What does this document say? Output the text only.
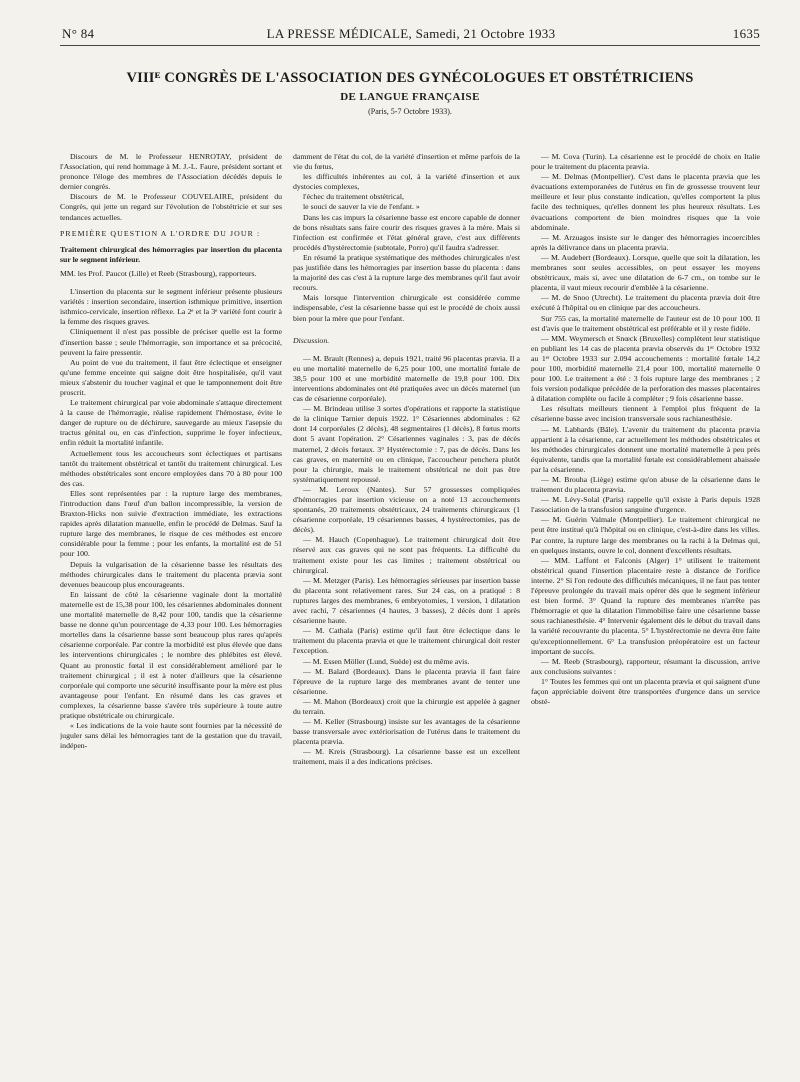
N° 84	LA PRESSE MÉDICALE, Samedi, 21 Octobre 1933	1635
VIIIᴱ CONGRÈS DE L'ASSOCIATION DES GYNÉCOLOGUES ET OBSTÉTRICIENS
DE LANGUE FRANÇAISE
(Paris, 5-7 Octobre 1933).

Discours de M. le Professeur HENROTAY, président de l'Association, qui rend hommage à M. J.-L. Faure, président sortant et prononce l'éloge des membres de l'Association décédés depuis le dernier congrès.

Discours de M. le Professeur COUVELAIRE, président du Congrès, qui jette un regard sur l'évolution de l'obstétricie et sur ses tendances actuelles.

PREMIÈRE QUESTION A L'ORDRE DU JOUR :

Traitement chirurgical des hémorragies par insertion du placenta sur le segment inférieur.

MM. les Prof. Paucot (Lille) et Reeb (Strasbourg), rapporteurs.

L'insertion du placenta sur le segment inférieur présente plusieurs variétés : insertion secondaire, insertion isthmique primitive, insertion isthmico-cervicale, insertion réflexe. La 2ᵉ et la 3ᵉ variété font courir à la femme des risques graves.

Cliniquement il n'est pas possible de préciser quelle est la forme d'insertion basse ; seule l'hémorragie, son importance et sa précocité, peuvent la faire pressentir.

Au point de vue du traitement, il faut être éclectique et enseigner qu'une femme enceinte qui saigne doit être hospitalisée, qu'il vaut mieux s'abstenir du toucher vaginal et que le tamponnement doit être proscrit.

Le traitement chirurgical par voie abdominale s'attaque directement à la cause de l'hémorragie, réalise rapidement l'hémostase, évite le danger de rupture ou de déchirure, sauvegarde au mieux l'asepsie du tractus génital ou, en cas d'infection, supprime le foyer infectieux, enfin réduit la mortalité infantile.

Actuellement tous les accoucheurs sont éclectiques et partisans tantôt du traitement obstétrical et tantôt du traitement chirurgical. Les méthodes obstétricales sont encore employées dans 70 à 80 pour 100 des cas.

Elles sont représentées par : la rupture large des membranes, l'introduction dans l'œuf d'un ballon incompressible, la version de Braxton-Hicks non suivie d'extraction immédiate, les extractions rapides après dilatation manuelle, enfin le procédé de Delmas. Sauf la rupture large des membranes, le risque de ces méthodes est encore considérable pour la femme ; pour les enfants, la mortalité est de 51 pour 100.

Depuis la vulgarisation de la césarienne basse les résultats des méthodes chirurgicales dans le traitement du placenta prævia sont devenues beaucoup plus encourageants.

En laissant de côté la césarienne vaginale dont la mortalité maternelle est de 15,38 pour 100, les césariennes abdominales donnent une mortalité maternelle de 8,42 pour 100, tandis que la césarienne basse ne donne qu'un pourcentage de 4,33 pour 100. Les hémorragies mortelles dans la césarienne basse sont beaucoup plus rares qu'après césarienne corporéale. Par contre la morbidité est plus élevée que dans les interventions chirurgicales ; le nombre des phlébites est élevé. Quant au pronostic fœtal il est considérablement amélioré par le traitement chirurgical ; il est à noter d'ailleurs que la césarienne corporéale qui comporte une sécurité insuffisante pour la mère est plus avantageuse pour l'enfant. En résumé dans les cas graves et complexes, la césarienne basse s'avère très supérieure à toute autre pratique obstétricale ou chirurgicale.

« Les indications de la voie haute sont fournies par la nécessité de juguler sans délai les hémorragies tant de la gestation que du travail, indépen-

damment de l'état du col, de la variété d'insertion et même parfois de la vie du fœtus,

les difficultés inhérentes au col, à la variété d'insertion et aux dystocies complexes,

l'échec du traitement obstétrical,

le souci de sauver la vie de l'enfant. »

Dans les cas impurs la césarienne basse est encore capable de donner de bons résultats sans faire courir des risques graves à la mère. Mais si l'infection est confirmée et l'état général grave, c'est aux différents procédés d'hystérectomie (subtotale, Porro) qu'il faudra s'adresser.

En résumé la pratique systématique des méthodes chirurgicales n'est pas justifiée dans les hémorragies par insertion basse du placenta : dans la majorité des cas c'est à la rupture large des membranes qu'il faut avoir recours.

Mais lorsque l'intervention chirurgicale est considérée comme indispensable, c'est la césarienne basse qui est le procédé de choix aussi bien pour la mère que pour l'enfant.

Discussion.

— M. Brault (Rennes) a, depuis 1921, traité 96 placentas prævia. Il a eu une mortalité maternelle de 6,25 pour 100, une mortalité fœtale de 38,5 pour 100 et une morbidité maternelle de 19,8 pour 100. Dix interventions abdominales ont été pratiquées avec un décès maternel (un cas de césarienne corporéale).

— M. Brindeau utilise 3 sortes d'opérations et rapporte la statistique de la clinique Tarnier depuis 1922. 1° Césariennes abdominales : 62 dont 14 corporéales (2 décès), 48 segmentaires (1 décès), 8 fœtus morts dont 5 avant l'opération. 2° Césariennes vaginales : 3, pas de décès maternel, 2 décès fœtaux. 3° Hystérectomie : 7, pas de décès. Dans les cas graves, en maternité ou en clinique, l'accoucheur penchera plutôt pour la chirurgie, mais le traitement obstétrical ne doit pas être systématiquement repoussé.

— M. Leroux (Nantes). Sur 57 grossesses compliquées d'hémorragies par insertion vicieuse on a noté 13 accouchements spontanés, 20 traitements obstétricaux, 24 traitements chirurgicaux (1 césarienne corporéale, 19 césariennes basses, 4 hystérectomies, pas de décès).

— M. Hauch (Copenhague). Le traitement chirurgical doit être réservé aux cas graves qui ne sont pas fréquents. La difficulté du traitement existe pour les cas limites ; traitement obstétrical ou chirurgical.

— M. Metzger (Paris). Les hémorragies sérieuses par insertion basse du placenta sont relativement rares. Sur 24 cas, on a pratiqué : 8 ruptures larges des membranes, 6 embryotomies, 1 version, 1 dilatation avec rachi, 7 césariennes (4 hautes, 3 basses), 2 décès dont 1 après césarienne haute.

— M. Cathala (Paris) estime qu'il faut être éclectique dans le traitement du placenta prævia et que le traitement chirurgical doit rester l'exception.

— M. Essen Möller (Lund, Suède) est du même avis.

— M. Balard (Bordeaux). Dans le placenta prævia il faut faire l'épreuve de la rupture large des membranes avant de tenter une césarienne.

— M. Mahon (Bordeaux) croit que la chirurgie est appelée à gagner du terrain.

— M. Keller (Strasbourg) insiste sur les avantages de la césarienne basse transversale avec extériorisation de l'utérus dans le traitement du placenta prævia.

— M. Kreis (Strasbourg). La césarienne basse est un excellent traitement, mais il a des indications précises.

— M. Cova (Turin). La césarienne est le procédé de choix en Italie pour le traitement du placenta prævia.

— M. Delmas (Montpellier). C'est dans le placenta prævia que les évacuations extemporanées de l'utérus en fin de grossesse trouvent leur meilleure et leur plus constante indication, qu'elles comportent la plus facile des techniques, qu'elles donnent les plus heureux résultats. Les évacuations comportent de bien moindres risques que la voie abdominale.

— M. Arzuagos insiste sur le danger des hémorragies incoercibles après la délivrance dans un placenta prævia.

— M. Audebert (Bordeaux). Lorsque, quelle que soit la dilatation, les membranes sont seules accessibles, on peut essayer les moyens obstétricaux, mais si, avec une dilatation de 6-7 cm., on tombe sur le placenta, il vaut mieux recourir d'emblée à la césarienne.

— M. de Snoo (Utrecht). Le traitement du placenta prævia doit être exécuté à l'hôpital ou en clinique par des accoucheurs.

Sur 755 cas, la mortalité maternelle de l'auteur est de 10 pour 100. Il est d'avis que le traitement obstétrical est préférable et il y reste fidèle.

— MM. Weymersch et Snœck (Bruxelles) complètent leur statistique en publiant les 14 cas de placenta prævia observés du 1ᵉʳ Octobre 1932 au 1ᵉʳ Octobre 1933 sur 2.094 accouchements : mortalité fœtale 14,2 pour 100, morbidité maternelle 21,4 pour 100, mortalité maternelle 0 pour 100. Le traitement a été : 3 fois rupture large des membranes ; 2 fois version podalique précédée de la perforation des masses placentaires à dilatation complète ou facile à compléter ; 9 fois césarienne basse.

Les résultats meilleurs tiennent à l'emploi plus fréquent de la césarienne basse avec incision transversale sous rachianesthésie.

— M. Labhards (Bâle). L'avenir du traitement du placenta prævia appartient à la césarienne, car actuellement les méthodes obstétricales et les méthodes chirurgicales donnent une mortalité maternelle à peu près équivalente, tandis que la mortalité fœtale est considérablement abaissée par la césarienne.

— M. Brouha (Liège) estime qu'on abuse de la césarienne dans le traitement du placenta prævia.

— M. Lévy-Solal (Paris) rappelle qu'il existe à Paris depuis 1928 l'association de la transfusion sanguine d'urgence.

— M. Guérin Valmale (Montpellier). Le traitement chirurgical ne peut être institué qu'à l'hôpital ou en clinique, c'est-à-dire dans les villes. Par contre, la rupture large des membranes ou la rachi à la Delmas qui, en quelques instants, ouvre le col, donnent d'excellents résultats.

— MM. Laffont et Falconis (Alger) 1° utilisent le traitement obstétrical quand l'insertion placentaire reste à distance de l'orifice interne. 2° Si l'on redoute des difficultés mécaniques, il ne faut pas tenter l'épreuve prolongée du travail mais opérer dès que le segment inférieur est bien formé. 3° Quand la rupture des membranes n'arrête pas l'hémorragie et que la dilatation l'immobilise faire une césarienne basse sous rachianesthésie. 4° Intervenir également dès le début du travail dans la variété recouvrante du placenta. 5° L'hystérectomie ne devra être faite qu'exceptionnellement. 6° La transfusion préopératoire est un facteur important de succès.

— M. Reeb (Strasbourg), rapporteur, résumant la discussion, arrive aux conclusions suivantes :

1° Toutes les femmes qui ont un placenta prævia et qui saignent d'une façon appréciable doivent être transportées d'urgence dans un service obsté-
